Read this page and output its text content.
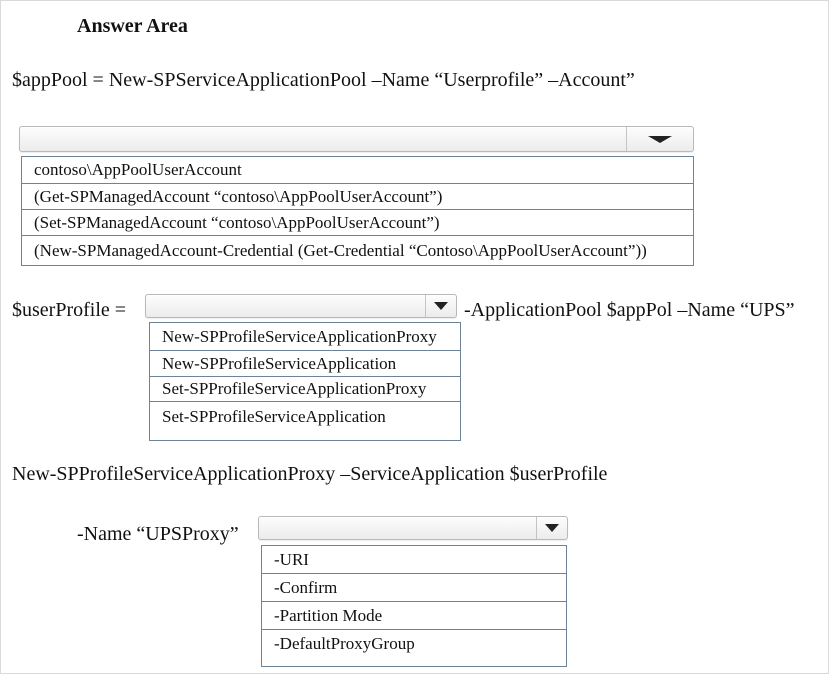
Answer Area
$appPool = New-SPServiceApplicationPool –Name “Userprofile” –Account”
contoso\AppPoolUserAccount
(Get-SPManagedAccount “contoso\AppPoolUserAccount”)
(Set-SPManagedAccount “contoso\AppPoolUserAccount”)
(New-SPManagedAccount-Credential (Get-Credential “Contoso\AppPoolUserAccount”))
$userProfile =	-ApplicationPool $appPol –Name “UPS”
New-SPProfileServiceApplicationProxy
New-SPProfileServiceApplication
Set-SPProfileServiceApplicationProxy
Set-SPProfileServiceApplication
New-SPProfileServiceApplicationProxy –ServiceApplication $userProfile
-Name “UPSProxy”
-URI
-Confirm
-Partition Mode
-DefaultProxyGroup
